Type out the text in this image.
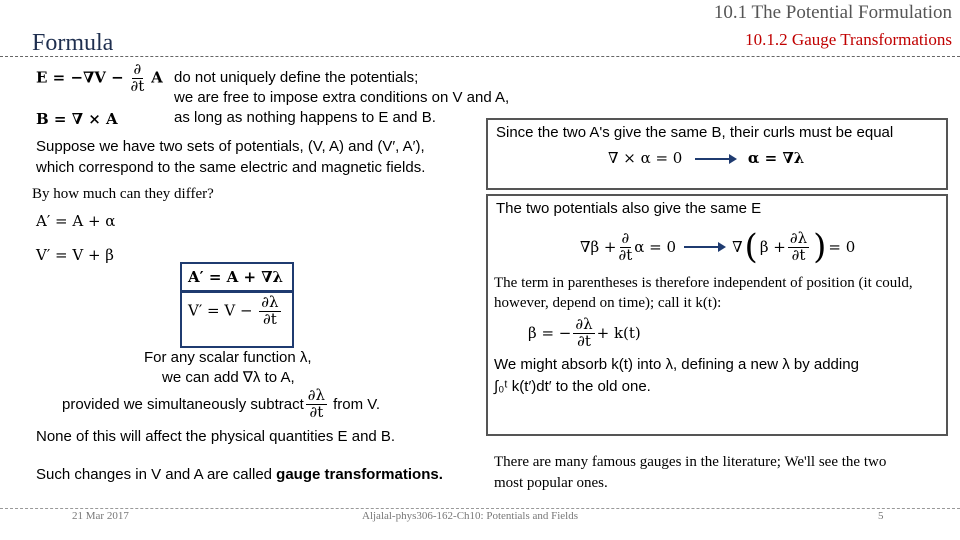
10.1 The Potential Formulation
10.1.2 Gauge Transformations
Formula
$E = -\nabla V - \frac{\partial}{\partial t}$ A
B = ∇ × A
do not uniquely define the potentials;
we are free to impose extra conditions on V and A,
as long as nothing happens to E and B.
Suppose we have two sets of potentials, (V, A) and (V′, A′),
which correspond to the same electric and magnetic fields.
By how much can they differ?
A′ = A + α
V′ = V + β
A′ = A + ∇λ
$V' = V - \frac{\partial\lambda}{\partial t}$
For any scalar function λ,
we can add ∇λ to A,
provided we simultaneously subtract $\frac{\partial\lambda}{\partial t}$ from V.
None of this will affect the physical quantities E and B.
Such changes in V and A are called gauge transformations.
Since the two A's give the same B, their curls must be equal
∇ × α = 0	α = ∇λ
The two potentials also give the same E
$\nabla\beta + \frac{\partial}{\partial t}$ α = 0	∇ ( $\beta + \frac{\partial\lambda}{\partial t}$ ) = 0
The term in parentheses is therefore independent of position (it could, however, depend on time); call it k(t):
β = − $\frac{\partial\lambda}{\partial t} + k(t)$
We might absorb k(t) into λ, defining a new λ by adding
∫₀ᵗ k(t′)dt′ to the old one.
There are many famous gauges in the literature; We'll see the two most popular ones.
21 Mar 2017	Aljalal-phys306-162-Ch10: Potentials and Fields	5
